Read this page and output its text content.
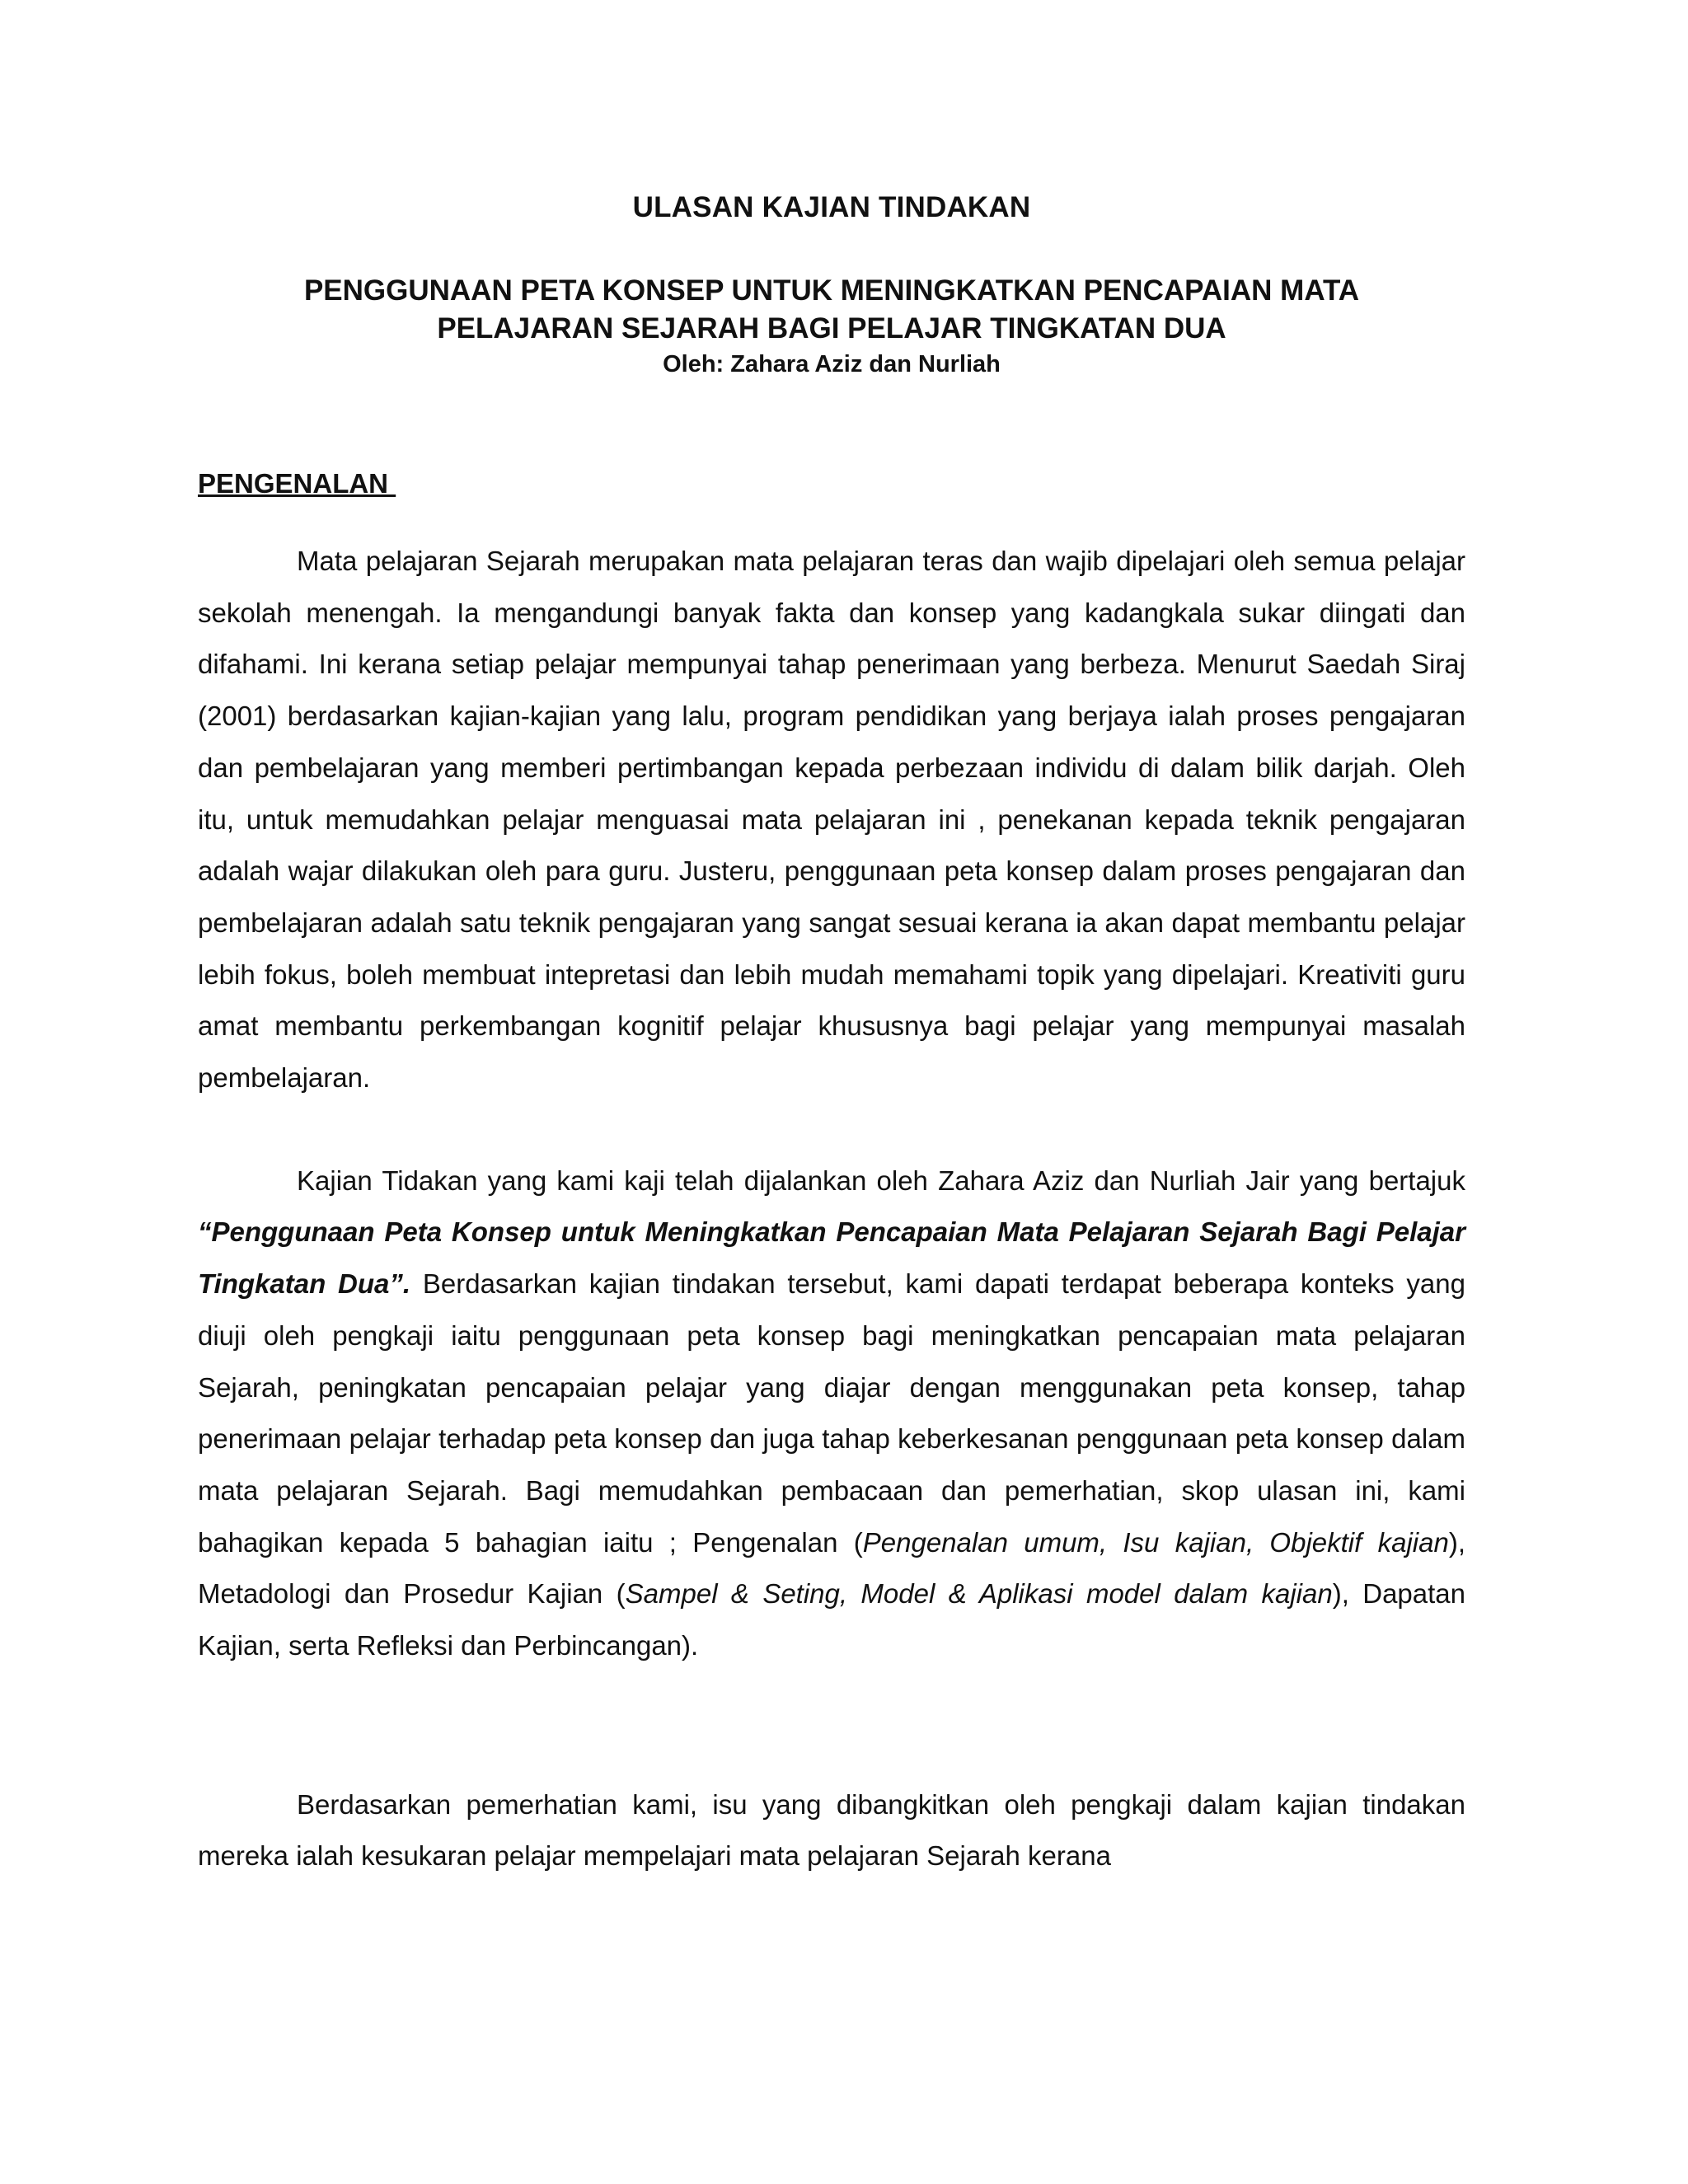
ULASAN KAJIAN TINDAKAN
PENGGUNAAN PETA KONSEP UNTUK MENINGKATKAN PENCAPAIAN MATA
PELAJARAN SEJARAH BAGI PELAJAR TINGKATAN DUA
Oleh: Zahara Aziz dan Nurliah
PENGENALAN

Mata pelajaran Sejarah merupakan mata pelajaran teras dan wajib dipelajari oleh semua pelajar sekolah menengah. Ia mengandungi banyak fakta dan konsep yang kadangkala sukar diingati dan difahami. Ini kerana setiap pelajar mempunyai tahap penerimaan yang berbeza. Menurut Saedah Siraj (2001) berdasarkan kajian-kajian yang lalu, program pendidikan yang berjaya ialah proses pengajaran dan pembelajaran yang memberi pertimbangan kepada perbezaan individu di dalam bilik darjah. Oleh itu, untuk memudahkan pelajar menguasai mata pelajaran ini , penekanan kepada teknik pengajaran adalah wajar dilakukan oleh para guru. Justeru, penggunaan peta konsep dalam proses pengajaran dan pembelajaran adalah satu teknik pengajaran yang sangat sesuai kerana ia akan dapat membantu pelajar lebih fokus, boleh membuat intepretasi dan lebih mudah memahami topik yang dipelajari. Kreativiti guru amat membantu perkembangan kognitif pelajar khususnya bagi pelajar yang mempunyai masalah pembelajaran.

Kajian Tidakan yang kami kaji telah dijalankan oleh Zahara Aziz dan Nurliah Jair yang bertajuk “Penggunaan Peta Konsep untuk Meningkatkan Pencapaian Mata Pelajaran Sejarah Bagi Pelajar Tingkatan Dua”. Berdasarkan kajian tindakan tersebut, kami dapati terdapat beberapa konteks yang diuji oleh pengkaji iaitu penggunaan peta konsep bagi meningkatkan pencapaian mata pelajaran Sejarah, peningkatan pencapaian pelajar yang diajar dengan menggunakan peta konsep, tahap penerimaan pelajar terhadap peta konsep dan juga tahap keberkesanan penggunaan peta konsep dalam mata pelajaran Sejarah. Bagi memudahkan pembacaan dan pemerhatian, skop ulasan ini, kami bahagikan kepada 5 bahagian iaitu ; Pengenalan (Pengenalan umum, Isu kajian, Objektif kajian), Metadologi dan Prosedur Kajian (Sampel & Seting, Model & Aplikasi model dalam kajian), Dapatan Kajian, serta Refleksi dan Perbincangan).

Berdasarkan pemerhatian kami, isu yang dibangkitkan oleh pengkaji dalam kajian tindakan mereka ialah kesukaran pelajar mempelajari mata pelajaran Sejarah kerana
